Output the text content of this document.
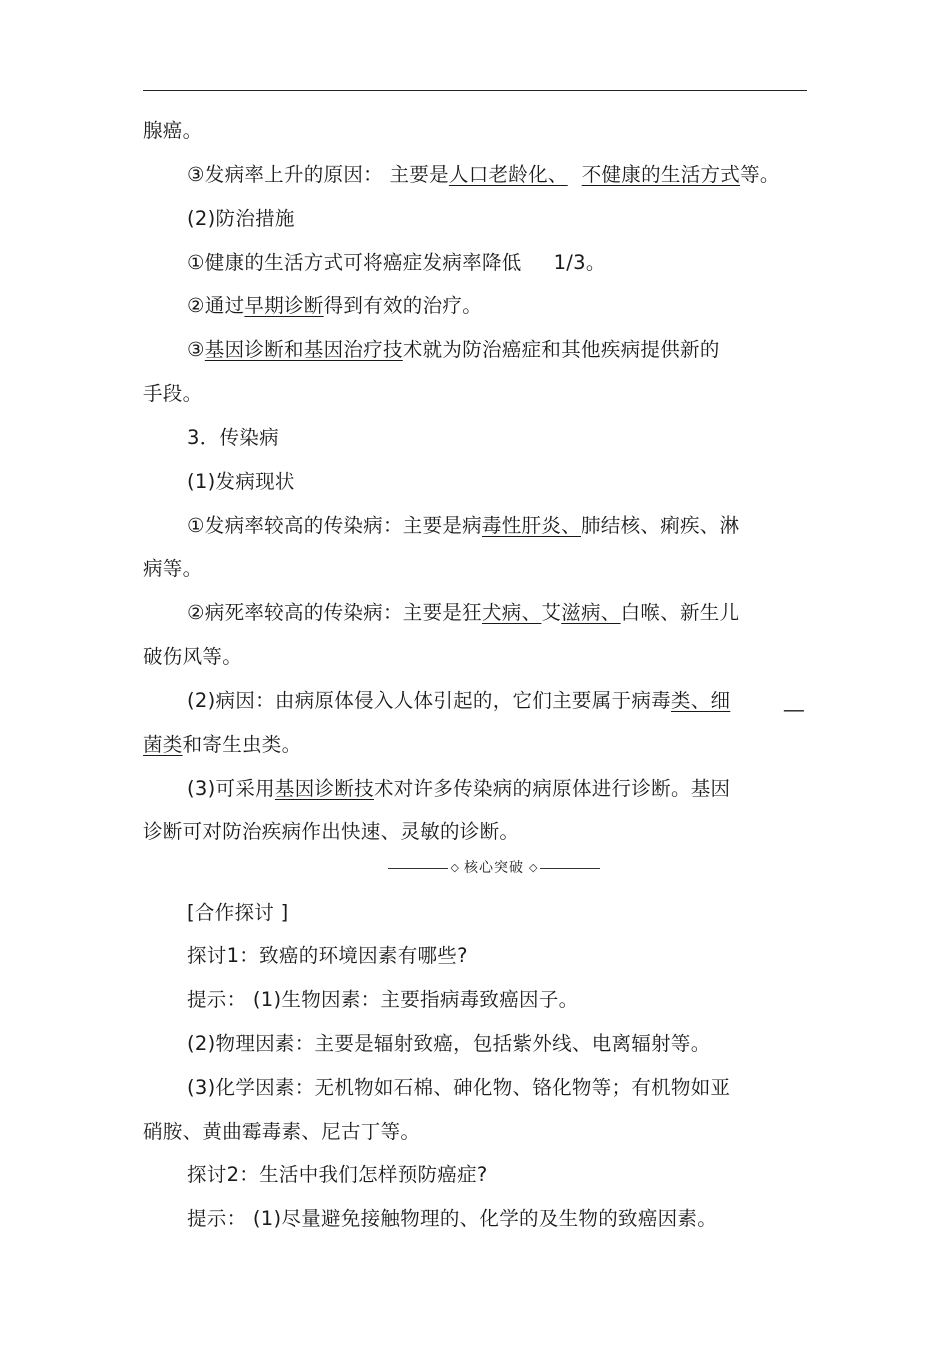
腺癌。
③发病率上升的原因： 主要是人口老龄化、 不健康的生活方式等。
(2)防治措施
①健康的生活方式可将癌症发病率降低 1/3。
②通过早期诊断得到有效的治疗。
③基因诊断和基因治疗技术就为防治癌症和其他疾病提供新的
手段。
3．传染病
(1)发病现状
①发病率较高的传染病：主要是病毒性肝炎、肺结核、痢疾、淋
病等。
②病死率较高的传染病：主要是狂犬病、艾滋病、白喉、新生儿
破伤风等。
(2)病因：由病原体侵入人体引起的，它们主要属于病毒类、细	__
菌类和寄生虫类。
(3)可采用基因诊断技术对许多传染病的病原体进行诊断。基因
诊断可对防治疾病作出快速、灵敏的诊断。
◇ 核心突破 ◇
[合作探讨 ]
探讨1：致癌的环境因素有哪些?
提示： (1)生物因素：主要指病毒致癌因子。
(2)物理因素：主要是辐射致癌，包括紫外线、电离辐射等。
(3)化学因素：无机物如石棉、砷化物、铬化物等；有机物如亚
硝胺、黄曲霉毒素、尼古丁等。
探讨2：生活中我们怎样预防癌症?
提示： (1)尽量避免接触物理的、化学的及生物的致癌因素。
